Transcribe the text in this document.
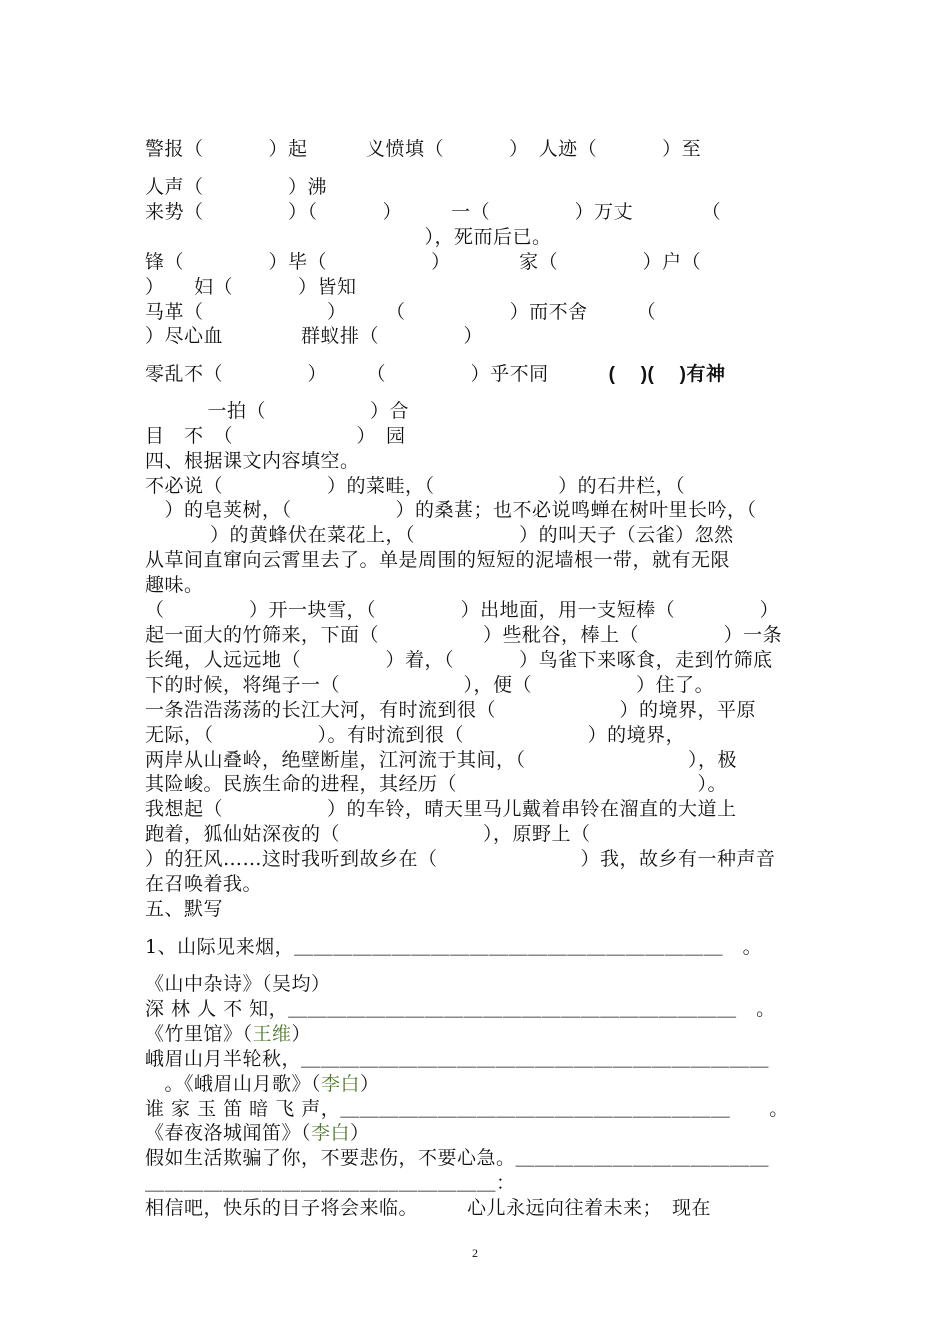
警报（　　　 ）起　　　义愤填（　　　 ）　人迹（　　　 ）至
人声（　　　　 ）沸
来势（　　　　 ）（　　　 ）　　　一（　　　　 ）万丈　　　　（
　　　　　　　　　　　　　　 ），死而后已。
锋（　　　　 ）毕（　　　　　 ）　　　　家（　　　　 ）户（
）　　妇（　　　 ）皆知
马革（　　　　　　 ）　　　（　　　　　 ）而不舍　　　（
）尽心血　　　　群蚁排（　　　　 ）
零乱不（　　　　 ）　　　（　　　　 ）乎不同	(　 )(　 )有神
　一拍（　　　　　 ）合
目　不　（　　　　　　 ）　园
四、根据课文内容填空。
不必说（　　　　　 ）的菜畦，（　　　　　　 ）的石井栏，（
　）的皂荚树，（　　　　　 ）的桑葚；也不必说鸣蝉在树叶里长吟，（
　　　 ）的黄蜂伏在菜花上，（　　　　　 ）的叫天子（云雀）忽然
从草间直窜向云霄里去了。单是周围的短短的泥墙根一带，就有无限
趣味。
（　　　　 ）开一块雪，（　　　　 ）出地面，用一支短棒（　　　　 ）
起一面大的竹筛来，下面（　　　　　 ）些秕谷，棒上（　　　　 ）一条
长绳，人远远地（　　　　 ）着，（　　　 ）鸟雀下来啄食，走到竹筛底
下的时候，将绳子一（　　　　　　 ），便（　　　　　 ）住了。
一条浩浩荡荡的长江大河，有时流到很（　　　　　　 ）的境界，平原
无际，（　　　　　 ）。有时流到很（　　　　　　 ）的境界，
两岸从山叠岭，绝壁断崖，江河流于其间，（　　　　　　　　 ），极
其险峻。民族生命的进程，其经历（　　　　　　　　　　　　 ）。
我想起（　　　　　 ）的车铃，晴天里马儿戴着串铃在溜直的大道上
跑着，狐仙姑深夜的（　　　　　　　 ），原野上（
）的狂风……这时我听到故乡在（　　　　　　　 ）我，故乡有一种声音
在召唤着我。
五、默写
1、山际见来烟，＿＿＿＿＿＿＿＿＿＿＿＿＿＿＿＿＿＿＿＿＿＿　。
《山中杂诗》（吴均）
深 林 人 不 知，＿＿＿＿＿＿＿＿＿＿＿＿＿＿＿＿＿＿＿＿＿＿＿　。
《竹里馆》（王维）
峨眉山月半轮秋，＿＿＿＿＿＿＿＿＿＿＿＿＿＿＿＿＿＿＿＿＿＿＿＿
　。《峨眉山月歌》（李白）
谁 家 玉 笛 暗 飞 声，＿＿＿＿＿＿＿＿＿＿＿＿＿＿＿＿＿＿＿＿　　。
《春夜洛城闻笛》（李白）
假如生活欺骗了你，不要悲伤，不要心急。＿＿＿＿＿＿＿＿＿＿＿＿＿
＿＿＿＿＿＿＿＿＿＿＿＿＿＿＿＿＿＿：
相信吧，快乐的日子将会来临。　　　心儿永远向往着未来；　现在
2
